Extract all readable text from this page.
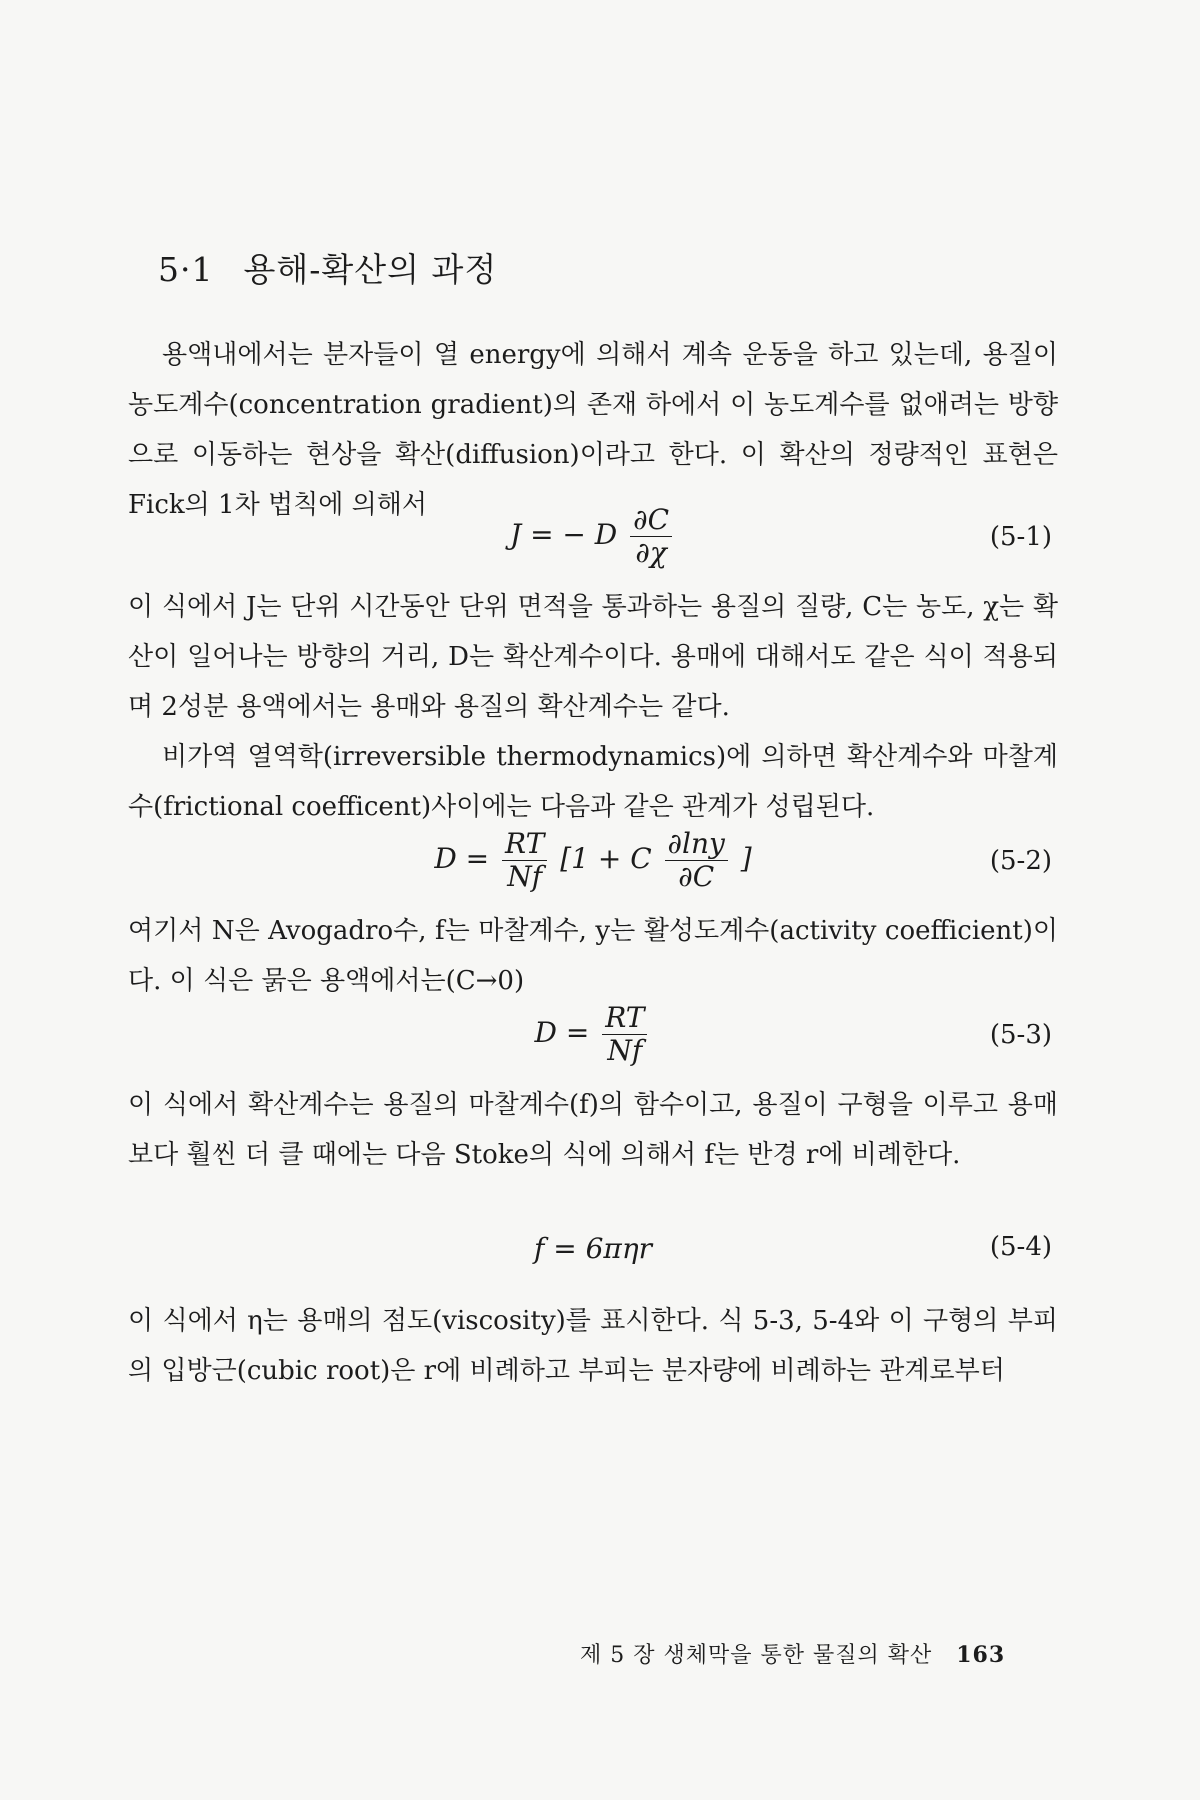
5·1 용해-확산의 과정
용액내에서는 분자들이 열 energy에 의해서 계속 운동을 하고 있는데, 용질이 농도계수(concentration gradient)의 존재 하에서 이 농도계수를 없애려는 방향으로 이동하는 현상을 확산(diffusion)이라고 한다. 이 확산의 정량적인 표현은 Fick의 1차 법칙에 의해서
J = − D $\frac{\partial C}{\partial\chi}$	(5-1)
이 식에서 J는 단위 시간동안 단위 면적을 통과하는 용질의 질량, C는 농도, χ는 확산이 일어나는 방향의 거리, D는 확산계수이다. 용매에 대해서도 같은 식이 적용되며 2성분 용액에서는 용매와 용질의 확산계수는 같다.
비가역 열역학(irreversible thermodynamics)에 의하면 확산계수와 마찰계수(frictional coefficent)사이에는 다음과 같은 관계가 성립된다.
$D = \frac{RT}{Nf} [1 + C \frac{\partial\ln y}{\partial C}$ ]	(5-2)
여기서 N은 Avogadro수, f는 마찰계수, y는 활성도계수(activity coefficient)이다. 이 식은 묽은 용액에서는(C→0)
$D = \frac{RT}{Nf}$	(5-3)
이 식에서 확산계수는 용질의 마찰계수(f)의 함수이고, 용질이 구형을 이루고 용매보다 훨씬 더 클 때에는 다음 Stoke의 식에 의해서 f는 반경 r에 비례한다.
f = 6πηr	(5-4)
이 식에서 η는 용매의 점도(viscosity)를 표시한다. 식 5-3, 5-4와 이 구형의 부피의 입방근(cubic root)은 r에 비례하고 부피는 분자량에 비례하는 관계로부터
제 5 장 생체막을 통한 물질의 확산 163
